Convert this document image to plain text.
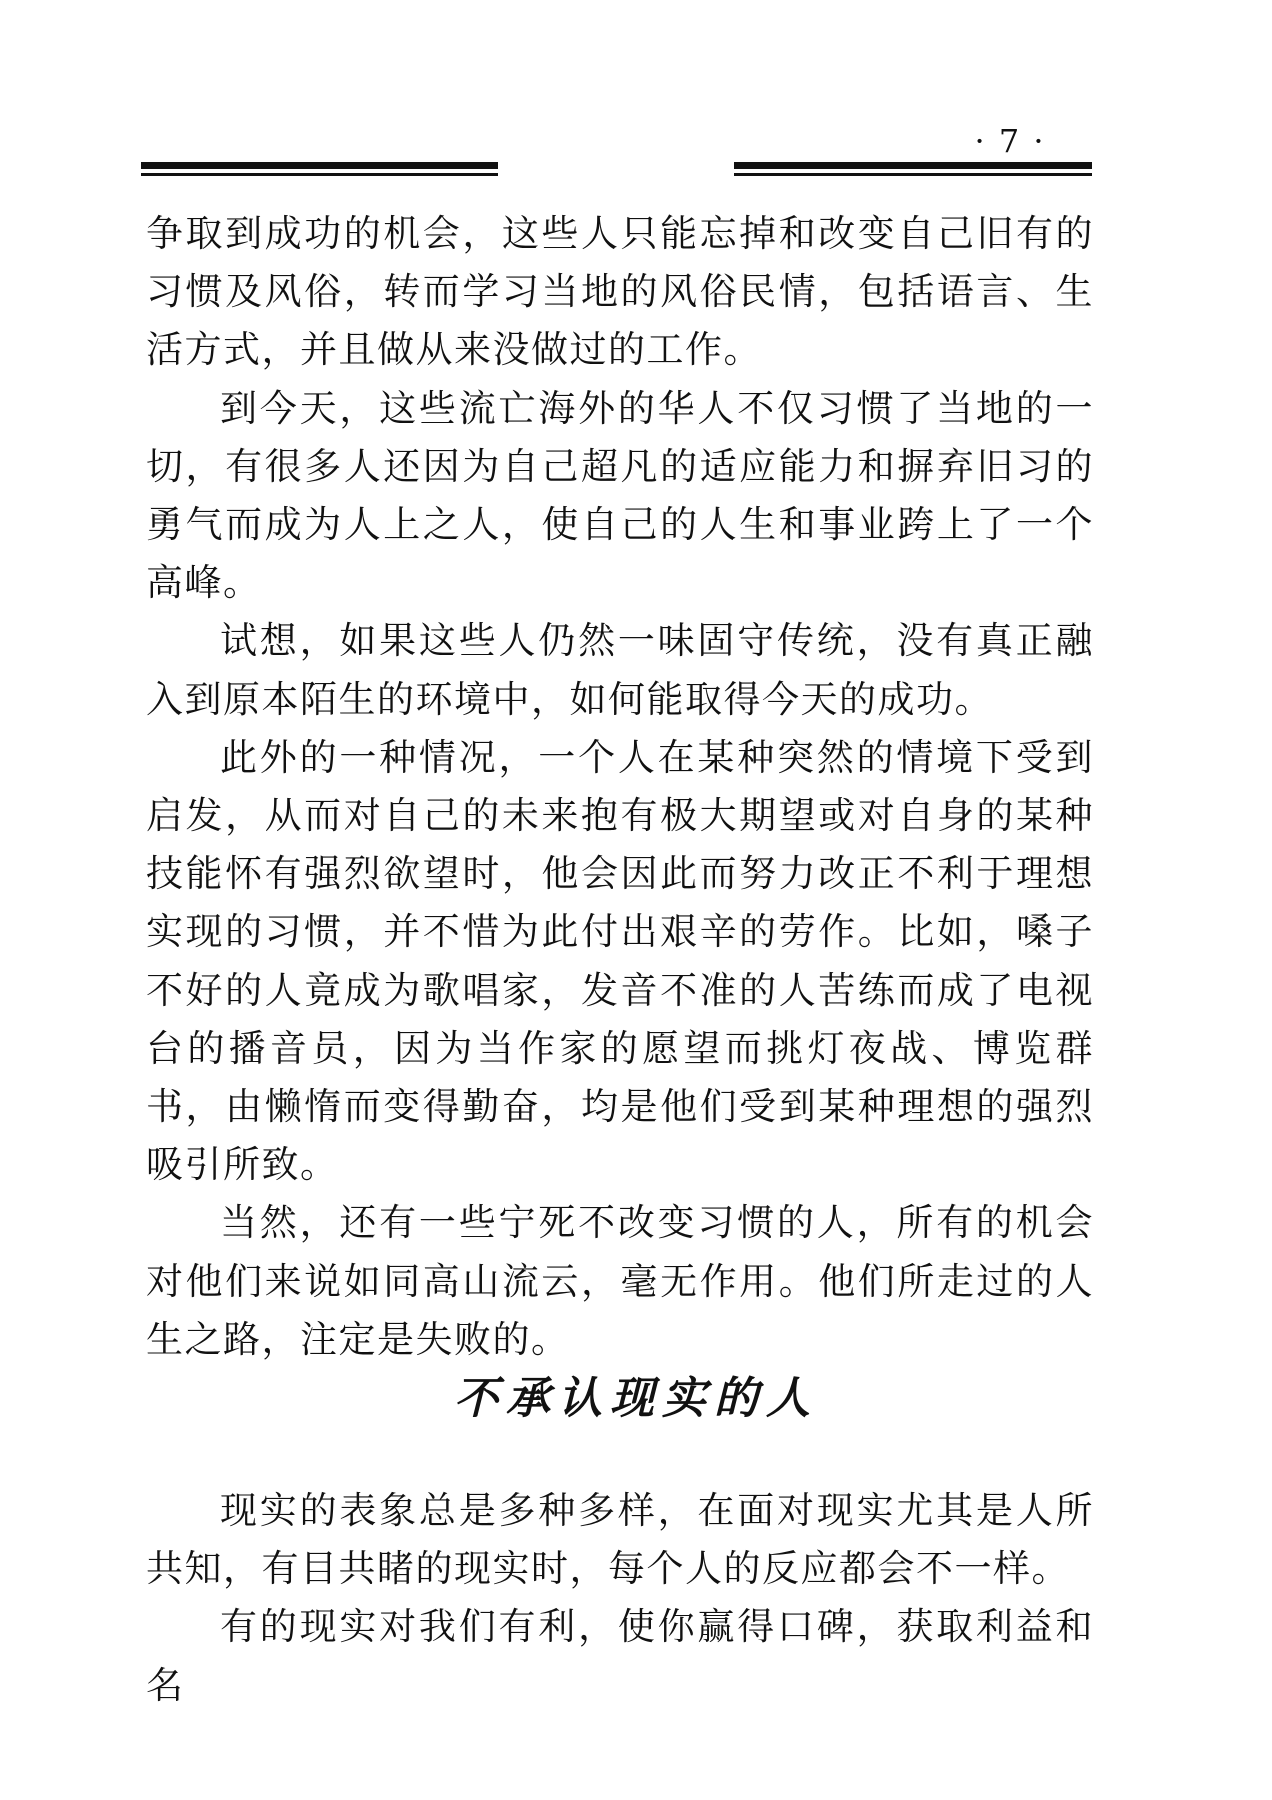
· 7 ·

争取到成功的机会，这些人只能忘掉和改变自己旧有的习惯及风俗，转而学习当地的风俗民情，包括语言、生活方式，并且做从来没做过的工作。

到今天，这些流亡海外的华人不仅习惯了当地的一切，有很多人还因为自己超凡的适应能力和摒弃旧习的勇气而成为人上之人，使自己的人生和事业跨上了一个高峰。

试想，如果这些人仍然一味固守传统，没有真正融入到原本陌生的环境中，如何能取得今天的成功。

此外的一种情况，一个人在某种突然的情境下受到启发，从而对自己的未来抱有极大期望或对自身的某种技能怀有强烈欲望时，他会因此而努力改正不利于理想实现的习惯，并不惜为此付出艰辛的劳作。比如，嗓子不好的人竟成为歌唱家，发音不准的人苦练而成了电视台的播音员，因为当作家的愿望而挑灯夜战、博览群书，由懒惰而变得勤奋，均是他们受到某种理想的强烈吸引所致。

当然，还有一些宁死不改变习惯的人，所有的机会对他们来说如同高山流云，毫无作用。他们所走过的人生之路，注定是失败的。

不承认现实的人

现实的表象总是多种多样，在面对现实尤其是人所共知，有目共睹的现实时，每个人的反应都会不一样。

有的现实对我们有利，使你赢得口碑，获取利益和名
